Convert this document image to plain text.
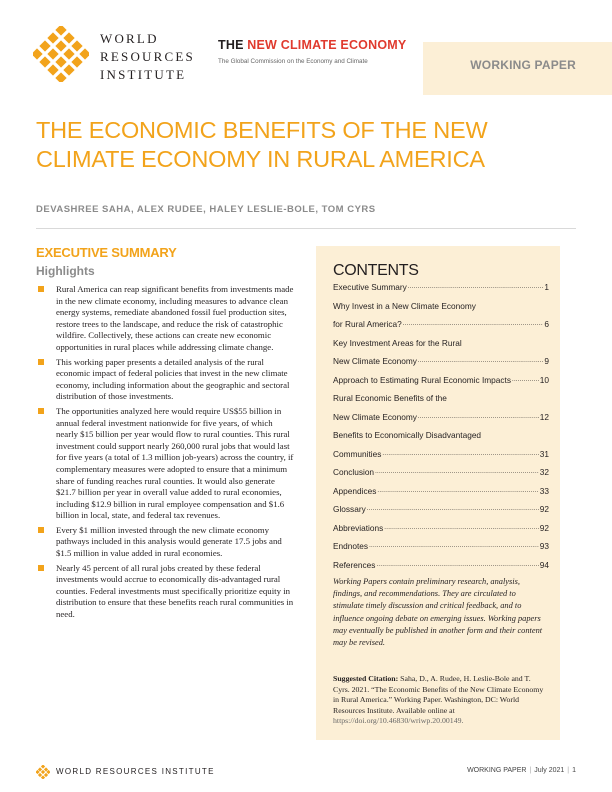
WORLD
RESOURCES
INSTITUTE
THE NEW CLIMATE ECONOMY
The Global Commission on the Economy and Climate	WORKING PAPER
THE ECONOMIC BENEFITS OF THE NEW CLIMATE ECONOMY IN RURAL AMERICA
DEVASHREE SAHA, ALEX RUDEE, HALEY LESLIE-BOLE, TOM CYRS
EXECUTIVE SUMMARY
Highlights
Rural America can reap significant benefits from investments made in the new climate economy, including measures to advance clean energy systems, remediate abandoned fossil fuel production sites, restore trees to the landscape, and reduce the risk of catastrophic wildfire. Collectively, these actions can create new economic opportunities in rural places while addressing climate change.
This working paper presents a detailed analysis of the rural economic impact of federal policies that invest in the new climate economy, including information about the geographic and sectoral distribution of those investments.
The opportunities analyzed here would require US$55 billion in annual federal investment nationwide for five years, of which nearly $15 billion per year would flow to rural counties. This rural investment could support nearly 260,000 rural jobs that would last for five years (a total of 1.3 million job-years) across the country, if complementary measures were adopted to ensure that a minimum share of funding reaches rural counties. It would also generate $21.7 billion per year in overall value added to rural economies, including $12.9 billion in rural employee compensation and $1.6 billion in local, state, and federal tax revenues.
Every $1 million invested through the new climate economy pathways included in this analysis would generate 17.5 jobs and $1.5 million in value added in rural economies.
Nearly 45 percent of all rural jobs created by these federal investments would accrue to economically dis-advantaged rural counties. Federal investments must specifically prioritize equity in distribution to ensure that these benefits reach rural communities in need.
CONTENTS
Executive Summary .....	1
Why Invest in a New Climate Economy
for Rural America? .....	6
Key Investment Areas for the Rural
New Climate Economy .....	9
Approach to Estimating Rural Economic Impacts .....	10
Rural Economic Benefits of the
New Climate Economy .....	12
Benefits to Economically Disadvantaged
Communities .....	31
Conclusion .....	32
Appendices .....	33
Glossary .....	92
Abbreviations .....	92
Endnotes .....	93
References .....	94
Working Papers contain preliminary research, analysis, findings, and recommendations. They are circulated to stimulate timely discussion and critical feedback, and to influence ongoing debate on emerging issues. Working papers may eventually be published in another form and their content may be revised.
Suggested Citation: Saha, D., A. Rudee, H. Leslie-Bole and T. Cyrs. 2021. “The Economic Benefits of the New Climate Economy in Rural America.” Working Paper. Washington, DC: World Resources Institute. Available online at https://doi.org/10.46830/wriwp.20.00149.
WORLD RESOURCES INSTITUTE	WORKING PAPER | July 2021 | 1
